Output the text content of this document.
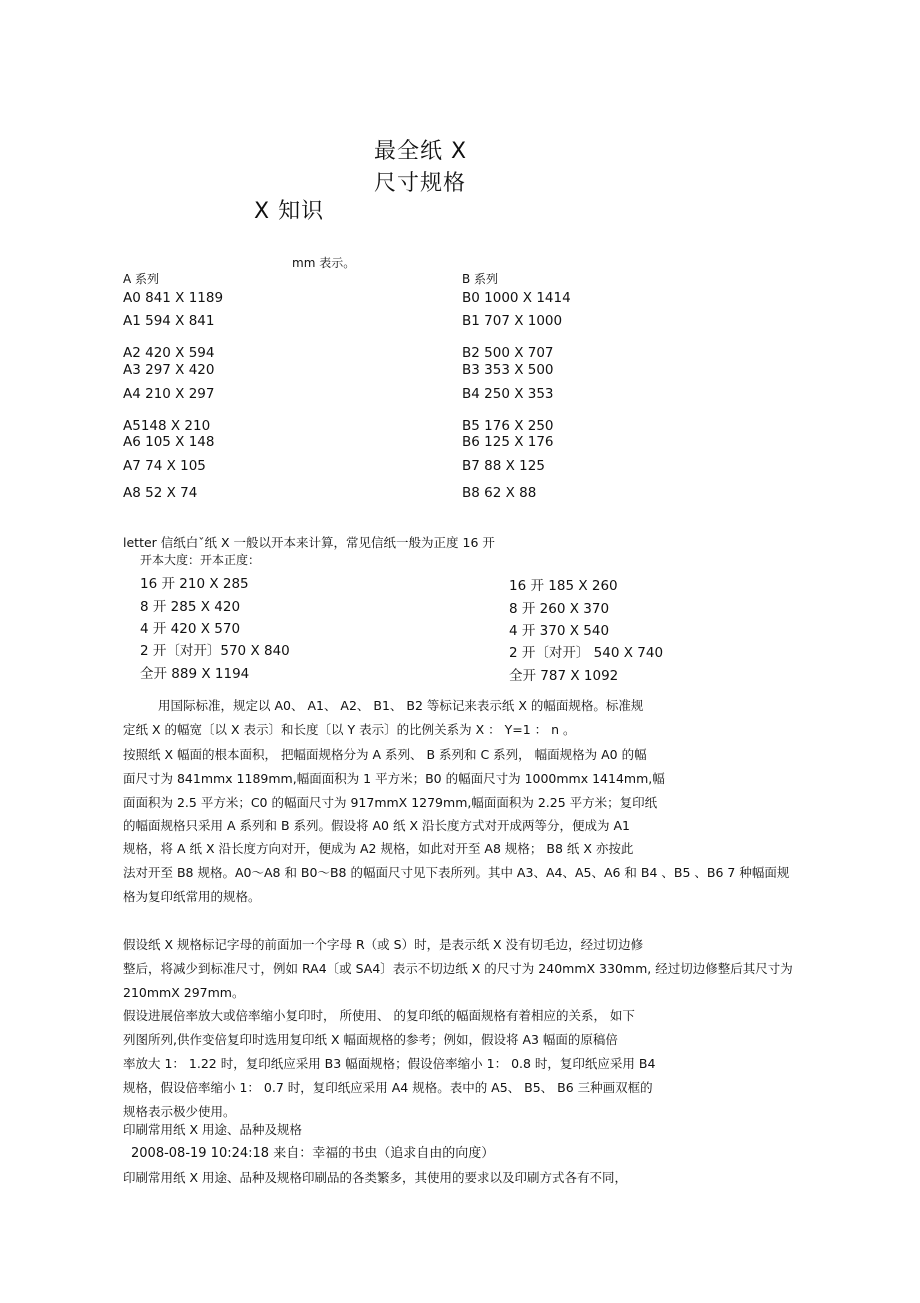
最全纸 X
尺寸规格
X 知识
mm 表示。
A 系列	B 系列
A0 841 X 1189
A1 594 X 841
A2 420 X 594
A3 297 X 420
A4 210 X 297
A5148 X 210
A6 105 X 148
A7 74 X 105
A8 52 X 74
B0 1000 X 1414
B1 707 X 1000
B2 500 X 707
B3 353 X 500
B4 250 X 353
B5 176 X 250
B6 125 X 176
B7 88 X 125
B8 62 X 88
letter 信纸白ˇ纸 X 一般以开本来计算，常见信纸一般为正度 16 开
开本大度：开本正度：
16 开 210 X 285
8 开 285 X 420
4 开 420 X 570
2 开〔对开〕570 X 840
全开 889 X 1194
16 开 185 X 260
8 开 260 X 370
4 开 370 X 540
2 开〔对开〕 540 X 740
全开 787 X 1092
用国际标准，规定以 A0、 A1、 A2、 B1、 B2 等标记来表示纸 X 的幅面规格。标准规
定纸 X 的幅宽〔以 X 表示〕和长度〔以 Y 表示〕的比例关系为 X ： Y=1 ： n 。
按照纸 X 幅面的根本面积， 把幅面规格分为 A 系列、 B 系列和 C 系列， 幅面规格为 A0 的幅
面尺寸为 841mmx 1189mm,幅面面积为 1 平方米；B0 的幅面尺寸为 1000mmx 1414mm,幅
面面积为 2.5 平方米；C0 的幅面尺寸为 917mmX 1279mm,幅面面积为 2.25 平方米；复印纸
的幅面规格只采用 A 系列和 B 系列。假设将 A0 纸 X 沿长度方式对开成两等分，便成为 A1
规格，将 A 纸 X 沿长度方向对开，便成为 A2 规格，如此对开至 A8 规格； B8 纸 X 亦按此
法对开至 B8 规格。A0～A8 和 B0～B8 的幅面尺寸见下表所列。其中 A3、A4、A5、A6 和 B4 、B5 、B6 7 种幅面规
格为复印纸常用的规格。
假设纸 X 规格标记字母的前面加一个字母 R（或 S）时，是表示纸 X 没有切毛边，经过切边修
整后，将减少到标准尺寸，例如 RA4〔或 SA4〕表示不切边纸 X 的尺寸为 240mmX 330mm, 经过切边修整后其尺寸为
210mmX 297mm。
假设进展倍率放大或倍率缩小复印时， 所使用、 的复印纸的幅面规格有着相应的关系， 如下
列图所列,供作变倍复印时选用复印纸 X 幅面规格的参考；例如，假设将 A3 幅面的原稿倍
率放大 1： 1.22 时，复印纸应采用 B3 幅面规格；假设倍率缩小 1： 0.8 时，复印纸应采用 B4
规格，假设倍率缩小 1： 0.7 时，复印纸应采用 A4 规格。表中的 A5、 B5、 B6 三种画双框的
规格表示极少使用。
印刷常用纸 X 用途、品种及规格
2008-08-19 10:24:18 来自：幸福的书虫（追求自由的向度）
印刷常用纸 X 用途、品种及规格印刷品的各类繁多，其使用的要求以及印刷方式各有不同，
